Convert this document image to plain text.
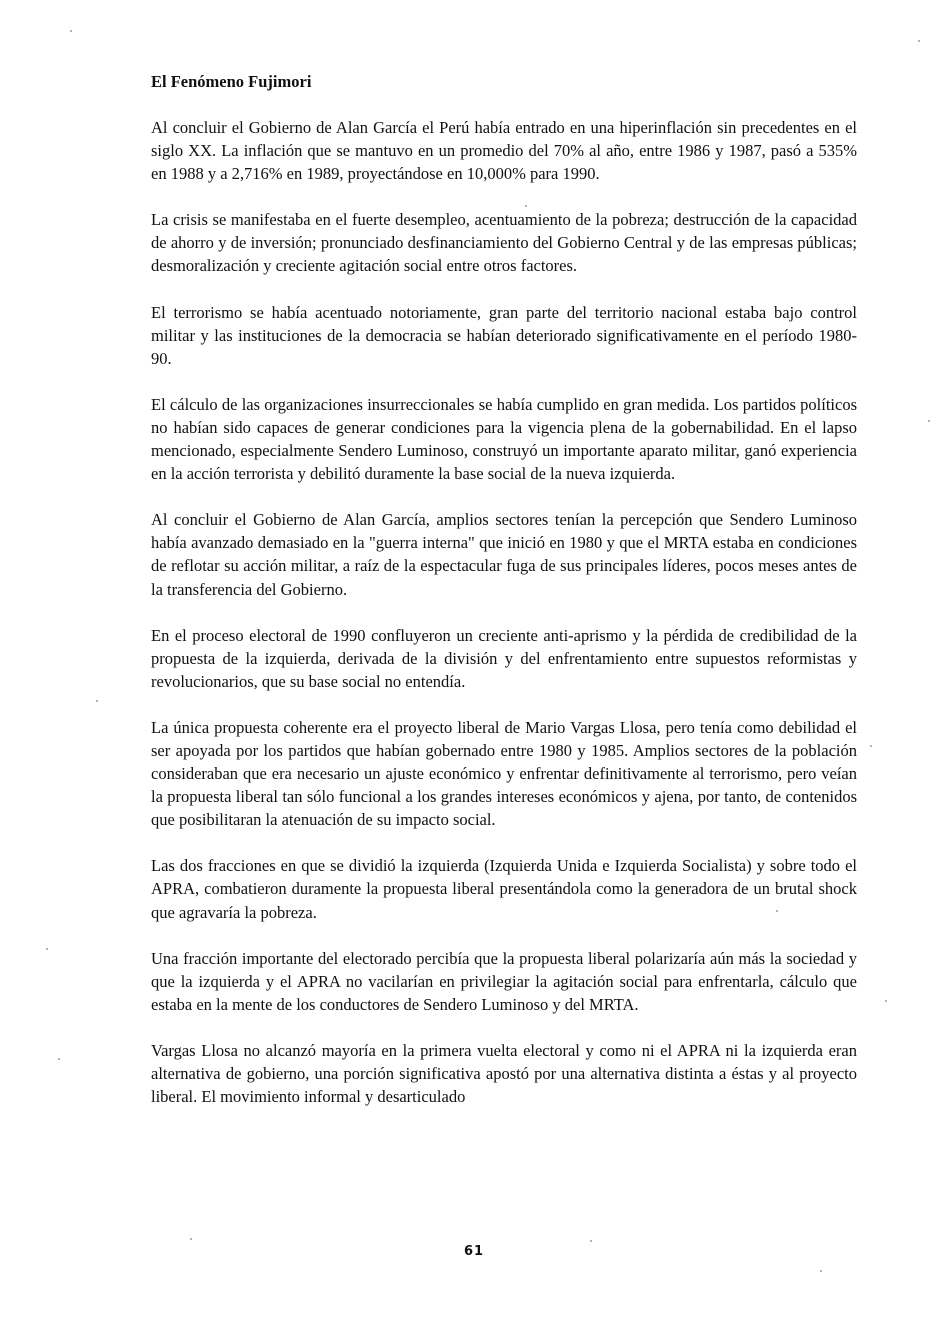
El Fenómeno Fujimori

Al concluir el Gobierno de Alan García el Perú había entrado en una hiperinflación sin precedentes en el siglo XX. La inflación que se mantuvo en un promedio del 70% al año, entre 1986 y 1987, pasó a 535% en 1988 y a 2,716% en 1989, proyectándose en 10,000% para 1990.

La crisis se manifestaba en el fuerte desempleo, acentuamiento de la pobreza; destrucción de la capacidad de ahorro y de inversión; pronunciado desfinanciamiento del Gobierno Central y de las empresas públicas; desmoralización y creciente agitación social entre otros factores.

El terrorismo se había acentuado notoriamente, gran parte del territorio nacional estaba bajo control militar y las instituciones de la democracia se habían deteriorado significativamente en el período 1980-90.

El cálculo de las organizaciones insurreccionales se había cumplido en gran medida. Los partidos políticos no habían sido capaces de generar condiciones para la vigencia plena de la gobernabilidad. En el lapso mencionado, especialmente Sendero Luminoso, construyó un importante aparato militar, ganó experiencia en la acción terrorista y debilitó duramente la base social de la nueva izquierda.

Al concluir el Gobierno de Alan García, amplios sectores tenían la percepción que Sendero Luminoso había avanzado demasiado en la "guerra interna" que inició en 1980 y que el MRTA estaba en condiciones de reflotar su acción militar, a raíz de la espectacular fuga de sus principales líderes, pocos meses antes de la transferencia del Gobierno.

En el proceso electoral de 1990 confluyeron un creciente anti-aprismo y la pérdida de credibilidad de la propuesta de la izquierda, derivada de la división y del enfrentamiento entre supuestos reformistas y revolucionarios, que su base social no entendía.

La única propuesta coherente era el proyecto liberal de Mario Vargas Llosa, pero tenía como debilidad el ser apoyada por los partidos que habían gobernado entre 1980 y 1985. Amplios sectores de la población consideraban que era necesario un ajuste económico y enfrentar definitivamente al terrorismo, pero veían la propuesta liberal tan sólo funcional a los grandes intereses económicos y ajena, por tanto, de contenidos que posibilitaran la atenuación de su impacto social.

Las dos fracciones en que se dividió la izquierda (Izquierda Unida e Izquierda Socialista) y sobre todo el APRA, combatieron duramente la propuesta liberal presentándola como la generadora de un brutal shock que agravaría la pobreza.

Una fracción importante del electorado percibía que la propuesta liberal polarizaría aún más la sociedad y que la izquierda y el APRA no vacilarían en privilegiar la agitación social para enfrentarla, cálculo que estaba en la mente de los conductores de Sendero Luminoso y del MRTA.

Vargas Llosa no alcanzó mayoría en la primera vuelta electoral y como ni el APRA ni la izquierda eran alternativa de gobierno, una porción significativa apostó por una alternativa distinta a éstas y al proyecto liberal. El movimiento informal y desarticulado

61
